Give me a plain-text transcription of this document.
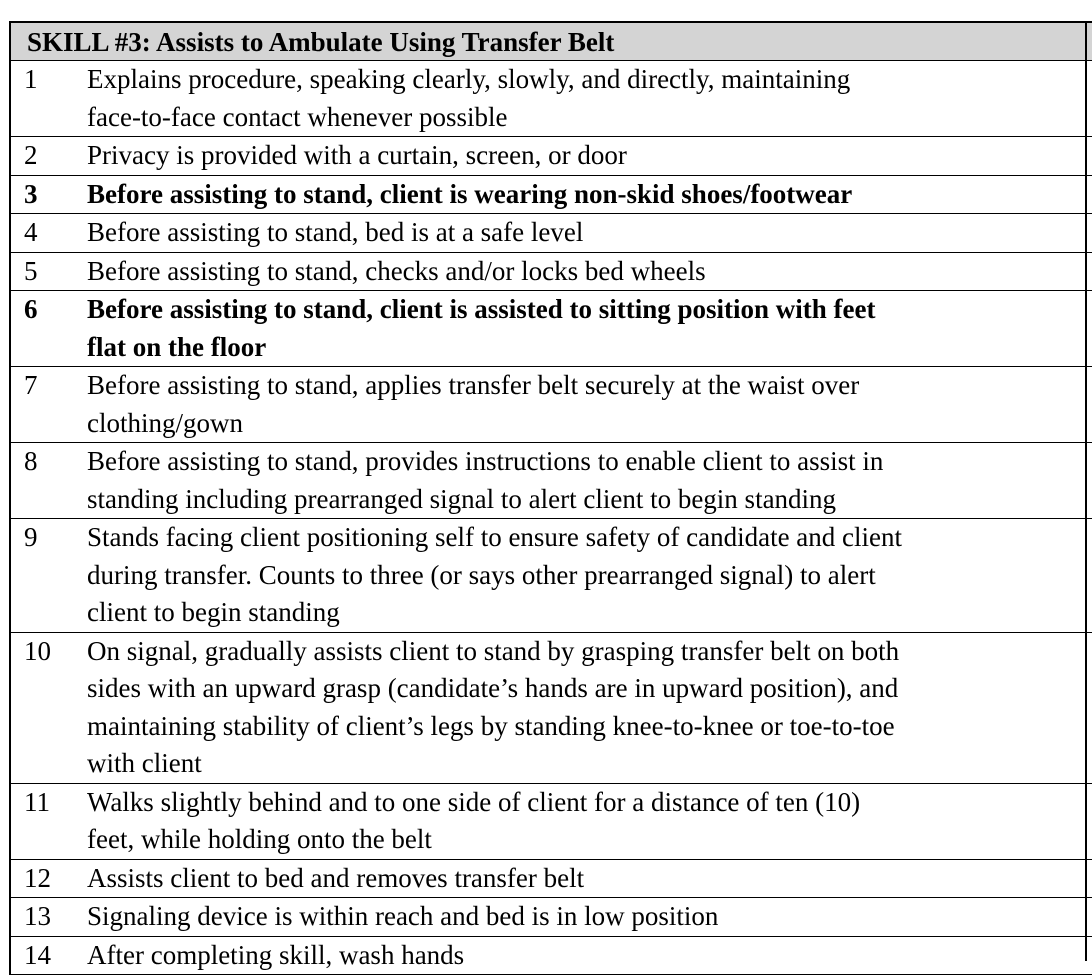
SKILL #3: Assists to Ambulate Using Transfer Belt
1	Explains procedure, speaking clearly, slowly, and directly, maintaining
face-to-face contact whenever possible
2	Privacy is provided with a curtain, screen, or door
3	Before assisting to stand, client is wearing non-skid shoes/footwear
4	Before assisting to stand, bed is at a safe level
5	Before assisting to stand, checks and/or locks bed wheels
6	Before assisting to stand, client is assisted to sitting position with feet
flat on the floor
7	Before assisting to stand, applies transfer belt securely at the waist over
clothing/gown
8	Before assisting to stand, provides instructions to enable client to assist in
standing including prearranged signal to alert client to begin standing
9	Stands facing client positioning self to ensure safety of candidate and client
during transfer. Counts to three (or says other prearranged signal) to alert
client to begin standing
10	On signal, gradually assists client to stand by grasping transfer belt on both
sides with an upward grasp (candidate’s hands are in upward position), and
maintaining stability of client’s legs by standing knee-to-knee or toe-to-toe
with client
11	Walks slightly behind and to one side of client for a distance of ten (10)
feet, while holding onto the belt
12	Assists client to bed and removes transfer belt
13	Signaling device is within reach and bed is in low position
14	After completing skill, wash hands
